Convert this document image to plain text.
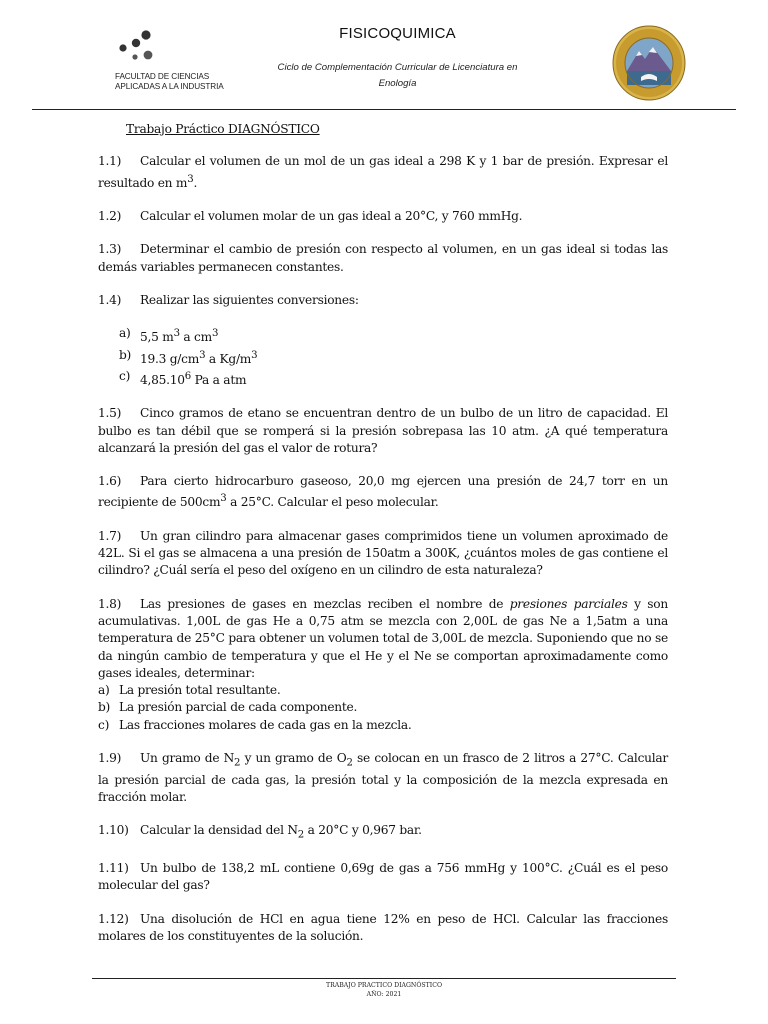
FACULTAD DE CIENCIAS
APLICADAS A LA INDUSTRIA
FISICOQUIMICA
Ciclo de Complementación Curricular de Licenciatura en
Enología
Trabajo Práctico DIAGNÓSTICO
1.1) Calcular el volumen de un mol de un gas ideal a 298 K y 1 bar de presión. Expresar el resultado en $m^3$.
1.2) Calcular el volumen molar de un gas ideal a 20°C, y 760 mmHg.
1.3) Determinar el cambio de presión con respecto al volumen, en un gas ideal si todas las demás variables permanecen constantes.
1.4) Realizar las siguientes conversiones:
a) 5,5 $m^3$ a $cm^3$
b) 19.3 $g/cm^3$ a $Kg/m^3$
c) 4,85.10$^6$ Pa a atm
1.5) Cinco gramos de etano se encuentran dentro de un bulbo de un litro de capacidad. El bulbo es tan débil que se romperá si la presión sobrepasa las 10 atm. ¿A qué temperatura alcanzará la presión del gas el valor de rotura?
1.6) Para cierto hidrocarburo gaseoso, 20,0 mg ejercen una presión de 24,7 torr en un recipiente de $500cm^3$ a 25°C. Calcular el peso molecular.
1.7) Un gran cilindro para almacenar gases comprimidos tiene un volumen aproximado de 42L. Si el gas se almacena a una presión de 150atm a 300K, ¿cuántos moles de gas contiene el cilindro? ¿Cuál sería el peso del oxígeno en un cilindro de esta naturaleza?
1.8) Las presiones de gases en mezclas reciben el nombre de presiones parciales y son acumulativas. 1,00L de gas He a 0,75 atm se mezcla con 2,00L de gas Ne a 1,5atm a una temperatura de 25°C para obtener un volumen total de 3,00L de mezcla. Suponiendo que no se da ningún cambio de temperatura y que el He y el Ne se comportan aproximadamente como gases ideales, determinar:
a) La presión total resultante.
b) La presión parcial de cada componente.
c) Las fracciones molares de cada gas en la mezcla.
1.9) Un gramo de $N_2$ y un gramo de $O_2$ se colocan en un frasco de 2 litros a 27°C. Calcular la presión parcial de cada gas, la presión total y la composición de la mezcla expresada en fracción molar.
1.10) Calcular la densidad del $N_2$ a 20°C y 0,967 bar.
1.11) Un bulbo de 138,2 mL contiene 0,69g de gas a 756 mmHg y 100°C. ¿Cuál es el peso molecular del gas?
1.12) Una disolución de HCl en agua tiene 12% en peso de HCl. Calcular las fracciones molares de los constituyentes de la solución.
TRABAJO PRACTICO DIAGNÓSTICO
AÑO: 2021
